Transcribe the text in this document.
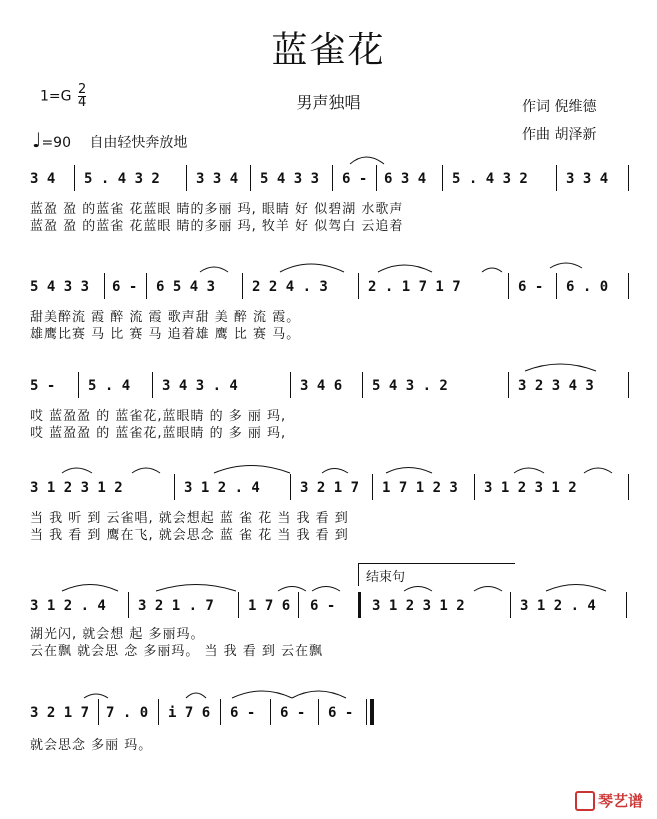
蓝雀花
男声独唱
$1=G \frac{2}{4}$
♩=90 自由轻快奔放地
作词 倪维德
作曲 胡泽新
3 4 5 . 4 3 2	3 3 4 5 4 3 3 6 - 6 3 4 5 . 4 3 2	3 3 4
蓝盈 盈 的蓝雀 花蓝眼 睛的多丽 玛, 眼睛 好 似碧湖 水歌声
蓝盈 盈 的蓝雀 花蓝眼 睛的多丽 玛, 牧羊 好 似驾白 云追着
5 4 3 3 6 - 6 5 4 3	2 2 4 . 3	2 . 1 7 1 7	6 - 6 . 0
甜美醉流 霞 醉 流 霞 歌声甜 美 醉 流 霞。
雄鹰比赛 马 比 赛 马 追着雄 鹰 比 赛 马。
5 - 5 . 4 3 4 3 . 4	3 4 6 5 4 3 . 2	3 2 3 4 3
哎 蓝盈盈 的 蓝雀花,蓝眼睛 的 多 丽 玛,
哎 蓝盈盈 的 蓝雀花,蓝眼睛 的 多 丽 玛,
3 1 2 3 1 2	3 1 2 . 4	3 2 1 7 1 7 1 2 3 3 1 2 3 1 2
当 我 听 到 云雀唱, 就会想起 蓝 雀 花 当 我 看 到
当 我 看 到 鹰在飞, 就会思念 蓝 雀 花 当 我 看 到
结束句
3 1 2 . 4 3 2 1 . 7 1 7 6 6 -	3 1 2 3 1 2	3 1 2 . 4
湖光闪, 就会想 起 多丽玛。
云在飘 就会思 念 多丽玛。 当 我 看 到 云在飘
3 2 1 7 7 . 0 i 7 6 6 - 6 - 6 -
就会思念 多丽 玛。
琴艺谱
